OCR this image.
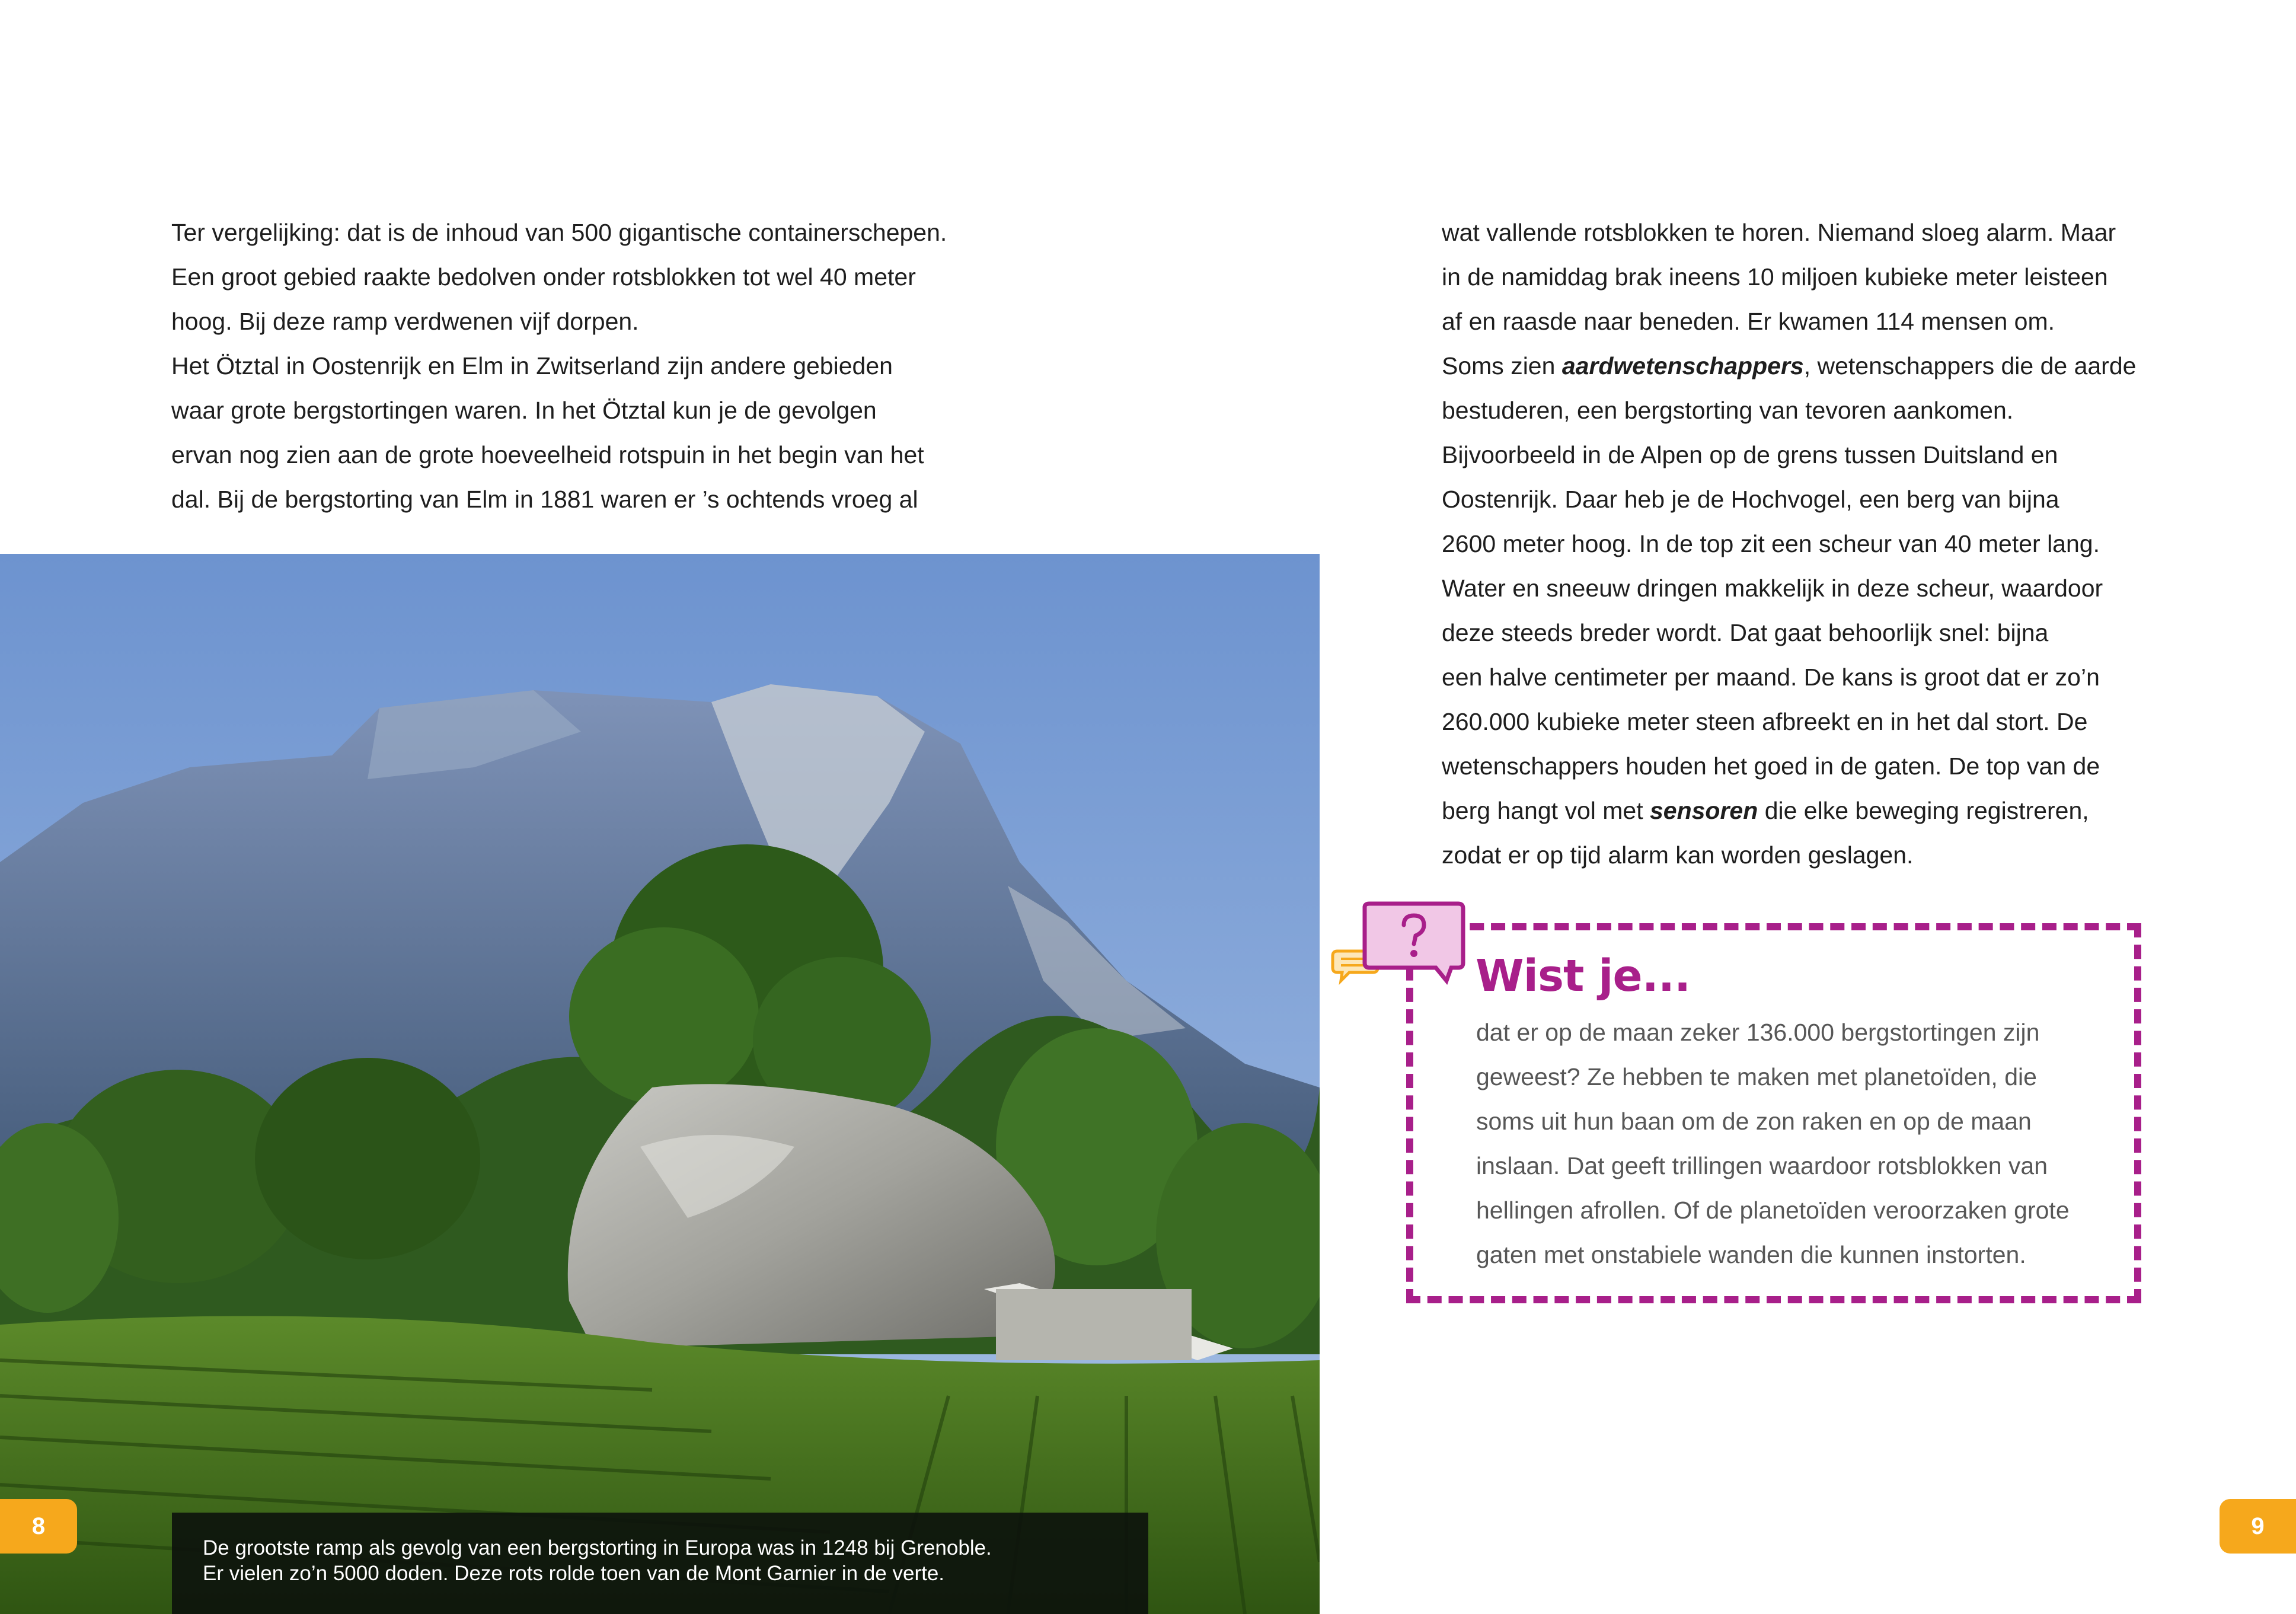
Ter vergelijking: dat is de inhoud van 500 gigantische containerschepen.

Een groot gebied raakte bedolven onder rotsblokken tot wel 40 meter

hoog. Bij deze ramp verdwenen vijf dorpen.

Het Ötztal in Oostenrijk en Elm in Zwitserland zijn andere gebieden

waar grote bergstortingen waren. In het Ötztal kun je de gevolgen

ervan nog zien aan de grote hoeveelheid rotspuin in het begin van het

dal. Bij de bergstorting van Elm in 1881 waren er ’s ochtends vroeg al

wat vallende rotsblokken te horen. Niemand sloeg alarm. Maar

in de namiddag brak ineens 10 miljoen kubieke meter leisteen

af en raasde naar beneden. Er kwamen 114 mensen om.

Soms zien aardwetenschappers, wetenschappers die de aarde

bestuderen, een bergstorting van tevoren aankomen.

Bijvoorbeeld in de Alpen op de grens tussen Duitsland en

Oostenrijk. Daar heb je de Hochvogel, een berg van bijna

2600 meter hoog. In de top zit een scheur van 40 meter lang.

Water en sneeuw dringen makkelijk in deze scheur, waardoor

deze steeds breder wordt. Dat gaat behoorlijk snel: bijna

een halve centimeter per maand. De kans is groot dat er zo’n

260.000 kubieke meter steen afbreekt en in het dal stort. De

wetenschappers houden het goed in de gaten. De top van de

berg hangt vol met sensoren die elke beweging registreren,

zodat er op tijd alarm kan worden geslagen.

De grootste ramp als gevolg van een bergstorting in Europa was in 1248 bij Grenoble.

Er vielen zo’n 5000 doden. Deze rots rolde toen van de Mont Garnier in de verte.

8	9
Wist je...

dat er op de maan zeker 136.000 bergstortingen zijn

geweest? Ze hebben te maken met planetoïden, die

soms uit hun baan om de zon raken en op de maan

inslaan. Dat geeft trillingen waardoor rotsblokken van

hellingen afrollen. Of de planetoïden veroorzaken grote

gaten met onstabiele wanden die kunnen instorten.
